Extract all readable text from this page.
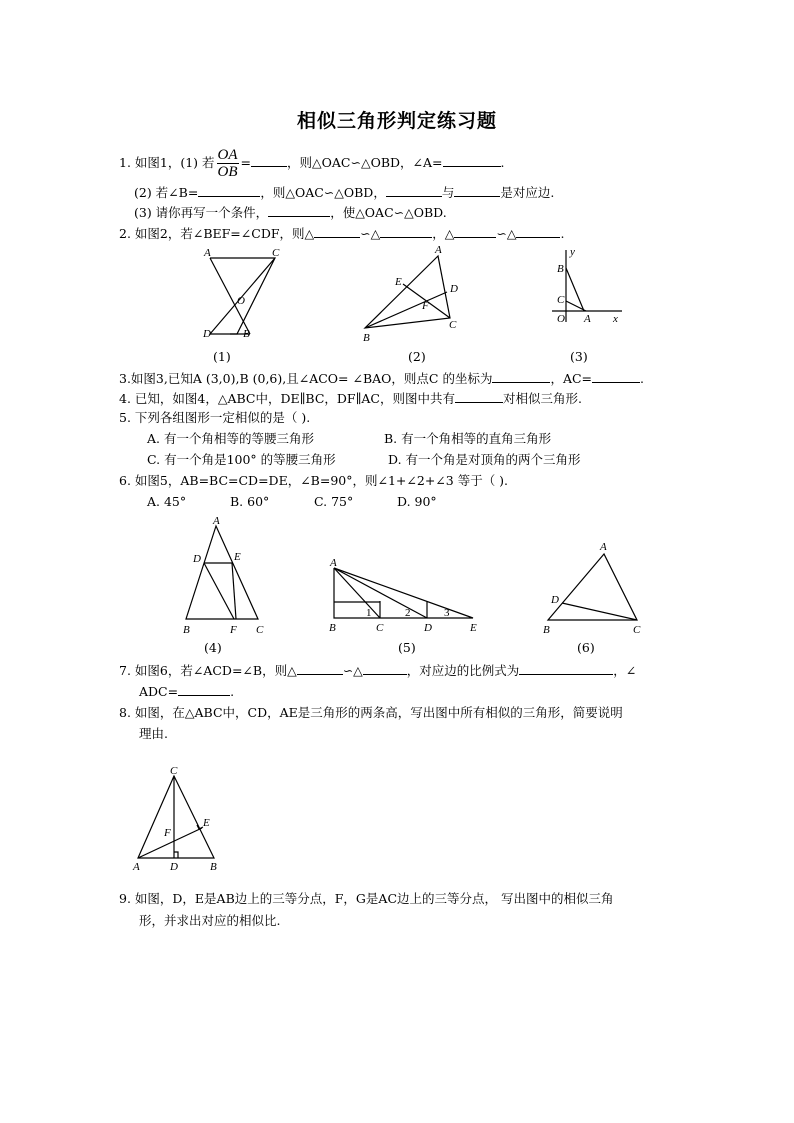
相似三角形判定练习题
1. 如图1，(1) 若 $\frac{OA}{OB}$ =	，则△OAC∽△OBD，∠A=	.
(2) 若∠B=	，则△OAC∽△OBD，	与	是对应边.
(3) 请你再写一个条件，	，使△OAC∽△OBD.
2. 如图2，若∠BEF=∠CDF，则△	∽△	，△	∽△	.
A	C
O
D	B
(1)
A
E
D
F
B
C
(2)
y
B
C
O A x
(3)
3.如图3,已知A (3,0),B (0,6),且∠ACO= ∠BAO，则点C 的坐标为	，AC=	.
4. 已知，如图4，△ABC中，DE∥BC，DF∥AC，则图中共有	对相似三角形.
5. 下列各组图形一定相似的是（ ).
A. 有一个角相等的等腰三角形	B. 有一个角相等的直角三角形
C. 有一个角是100° 的等腰三角形	D. 有一个角是对顶角的两个三角形
6. 如图5，AB=BC=CD=DE，∠B=90°，则∠1+∠2+∠3 等于（ ).
A. 45°	B. 60°	C. 75°	D. 90°
A
D	E
B	F C
(4)
A
1	2	3
B	C	D	E
(5)
A
D
B	C
(6)
7. 如图6，若∠ACD=∠B，则△	∽△	，对应边的比例式为	，∠
ADC=	.
8. 如图，在△ABC中，CD，AE是三角形的两条高，写出图中所有相似的三角形，简要说明
理由.
C
E
F
A	D	B
9. 如图，D，E是AB边上的三等分点，F，G是AC边上的三等分点， 写出图中的相似三角
形，并求出对应的相似比.
